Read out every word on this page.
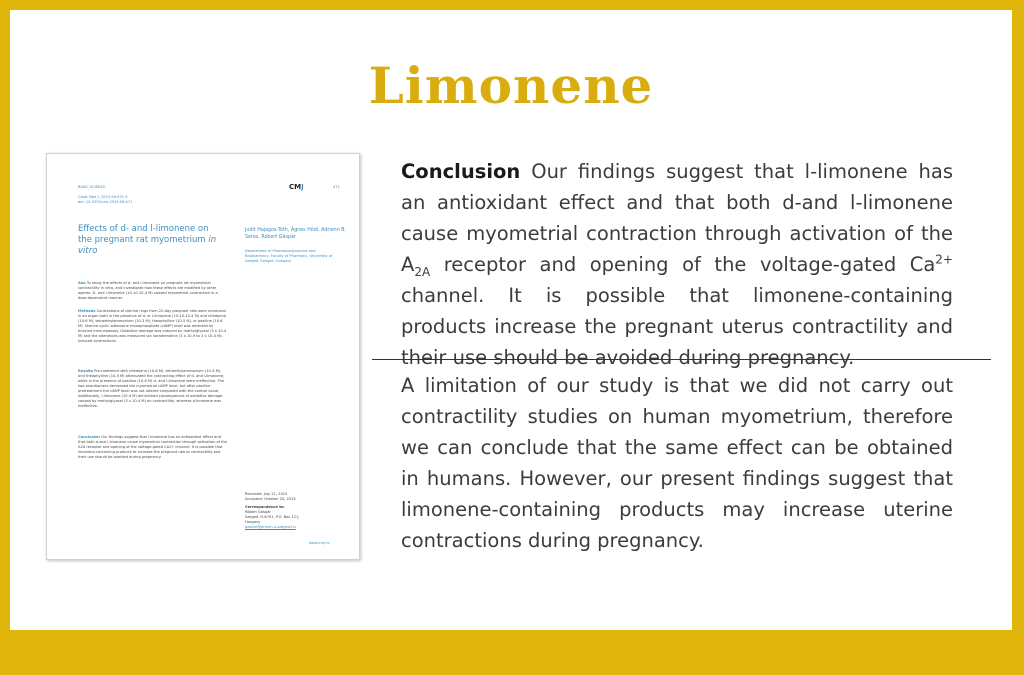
Limonene

BASIC SCIENCE	CMJ	471

Croat Med J. 2015;56:471-9

doi: 10.3325/cmj.2015.56.471

Effects of d- and l-limonene on the pregnant rat myometrium in vitro

Judit Hajagos-Tóth, Ágnes Hódi, Adrienn B. Seres, Róbert Gáspár

Department of Pharmacodynamics and Biopharmacy, Faculty of Pharmacy, University of Szeged, Szeged, Hungary

Aim To study the effects of d- and l-limonene on pregnant rat myometrial contractility in vitro, and investigate how these effects are modified by other agents. D- and l-limonene (10-10-10-4 M) caused myometrial contraction in a dose-dependent manner.

Methods Contractions of uterine rings from 22-day pregnant rats were measured in an organ bath in the presence of d- or l-limonene (10-10-10-4 M) and nifedipine (10-6 M), tetraethylammonium (10-3 M), theophylline (10-5 M), or pasiline (10-6 M). Uterine cyclic adenosine monophosphate (cAMP) level was detected by enzyme immunoassay. Oxidative damage was induced by methylglyoxal (3 x 10-4 M) and the alterations was measured via noradrenaline (3 x 10-9 to 3 x 10-4 M)-induced contractions.

Results Pre-treatment with nifedipine (10-6 M), tetraethylammonium (10-3 M), and theophylline (10-5 M) attenuated the contracting effect of d- and l-limonene, while in the presence of pasiline (10-6 M) d- and l-limonene were ineffective. The two enantiomers decreased the myometrial cAMP level, but after pasiline pretreatment the cAMP level was not altered compared with the control value. Additionally, l-limonene (10-4 M) diminished consequences of oxidative damage caused by methylglyoxal (3 x 10-4 M) on contractility, whereas d-limonene was ineffective.

Conclusion Our findings suggest that l-limonene has an antioxidant effect and that both d-and l-limonene cause myometrial contraction through activation of the A2A receptor and opening of the voltage-gated Ca2+ channel. It is possible that limonene-containing products to increase the pregnant uterus contractility and their use should be avoided during pregnancy.

Received: July 21, 2015

Accepted: October 24, 2015

Correspondence to:

Róbert Gáspár

Szeged, H-6701, P.O. Box 121,

Hungary

gaspar@pharm.u-szeged.hu

www.cmj.hr

Conclusion Our findings suggest that l-limonene has an antioxidant effect and that both d-and l-limonene cause myometrial contraction through activation of the $A_{2A}$ receptor and opening of the voltage-gated $Ca^{2+}$ channel. It is possible that limonene-containing products increase the pregnant uterus contractility and their use should be avoided during pregnancy.

A limitation of our study is that we did not carry out contractility studies on human myometrium, therefore we can conclude that the same effect can be obtained in humans. However, our present findings suggest that limonene-containing products may increase uterine contractions during pregnancy.
